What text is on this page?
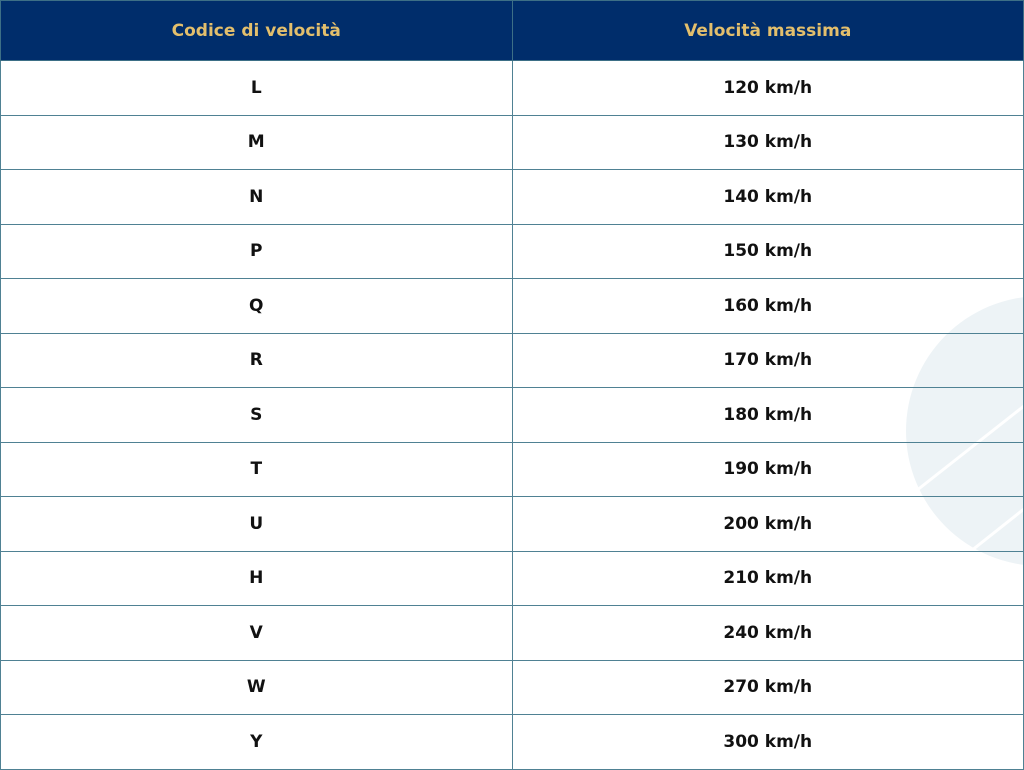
Codice di velocità	Velocità massima
L	120 km/h
M	130 km/h
N	140 km/h
P	150 km/h
Q	160 km/h
R	170 km/h
S	180 km/h
T	190 km/h
U	200 km/h
H	210 km/h
V	240 km/h
W	270 km/h
Y	300 km/h
